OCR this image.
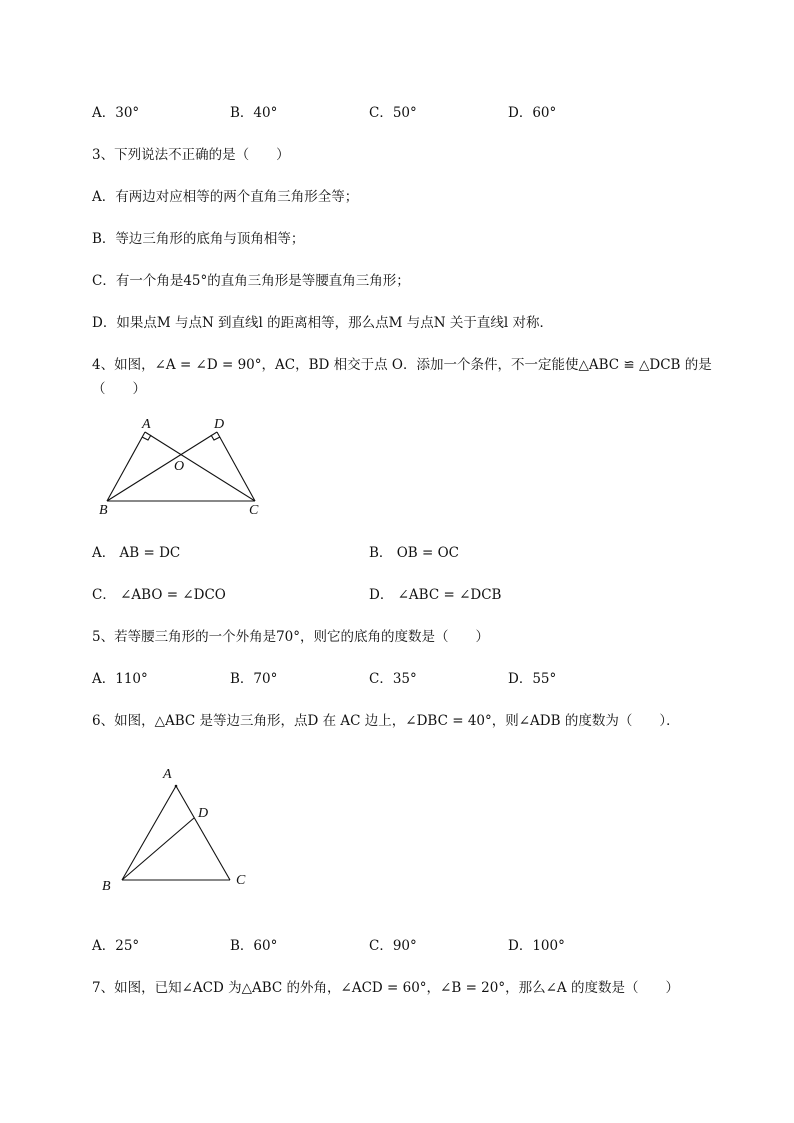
A．30°	B．40°	C．50°	D．60°
3、下列说法不正确的是（　　）
A．有两边对应相等的两个直角三角形全等；
B．等边三角形的底角与顶角相等；
C．有一个角是45°的直角三角形是等腰直角三角形；
D．如果点M 与点N 到直线l 的距离相等，那么点M 与点N 关于直线l 对称．
4、如图，∠A = ∠D = 90°，AC，BD 相交于点 O．添加一个条件，不一定能使△ABC ≌ △DCB 的是
（　　）
A	D
O
B	C
A． AB = DC	B． OB = OC
C． ∠ABO = ∠DCO	D． ∠ABC = ∠DCB
5、若等腰三角形的一个外角是70°，则它的底角的度数是（　　）
A．110°	B．70°	C．35°	D．55°
6、如图，△ABC 是等边三角形，点D 在 AC 边上，∠DBC = 40°，则∠ADB 的度数为（　　）．
A
D
B	C
A．25°	B．60°	C．90°	D．100°
7、如图，已知∠ACD 为△ABC 的外角，∠ACD = 60°，∠B = 20°，那么∠A 的度数是（　　）
